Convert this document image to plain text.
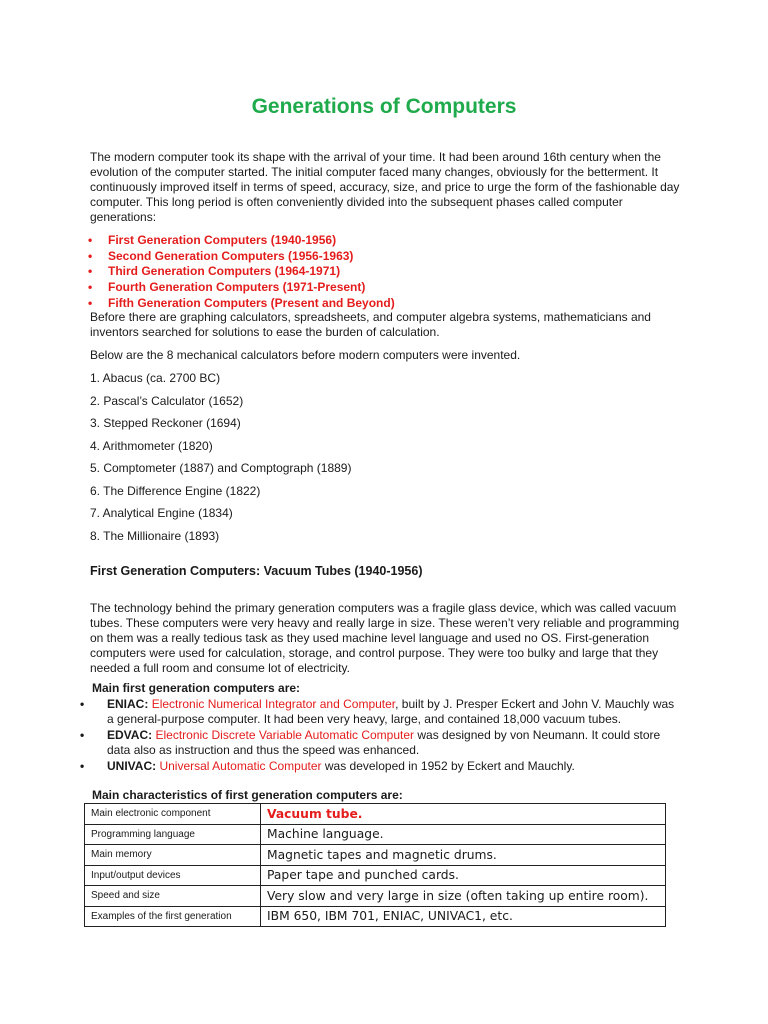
Generations of Computers

The modern computer took its shape with the arrival of your time. It had been around 16th century when the evolution of the computer started. The initial computer faced many changes, obviously for the betterment. It continuously improved itself in terms of speed, accuracy, size, and price to urge the form of the fashionable day computer. This long period is often conveniently divided into the subsequent phases called computer generations:

• First Generation Computers (1940-1956)
• Second Generation Computers (1956-1963)
• Third Generation Computers (1964-1971)
• Fourth Generation Computers (1971-Present)
• Fifth Generation Computers (Present and Beyond)

Before there are graphing calculators, spreadsheets, and computer algebra systems, mathematicians and inventors searched for solutions to ease the burden of calculation.

Below are the 8 mechanical calculators before modern computers were invented.

1. Abacus (ca. 2700 BC)
2. Pascal’s Calculator (1652)
3. Stepped Reckoner (1694)
4. Arithmometer (1820)
5. Comptometer (1887) and Comptograph (1889)
6. The Difference Engine (1822)
7. Analytical Engine (1834)
8. The Millionaire (1893)
First Generation Computers: Vacuum Tubes (1940-1956)

The technology behind the primary generation computers was a fragile glass device, which was called vacuum tubes. These computers were very heavy and really large in size. These weren’t very reliable and programming on them was a really tedious task as they used machine level language and used no OS. First-generation computers were used for calculation, storage, and control purpose. They were too bulky and large that they needed a full room and consume lot of electricity.

Main first generation computers are:
• ENIAC: Electronic Numerical Integrator and Computer, built by J. Presper Eckert and John V. Mauchly was a general-purpose computer. It had been very heavy, large, and contained 18,000 vacuum tubes.
• EDVAC: Electronic Discrete Variable Automatic Computer was designed by von Neumann. It could store data also as instruction and thus the speed was enhanced.
• UNIVAC: Universal Automatic Computer was developed in 1952 by Eckert and Mauchly.
Main characteristics of first generation computers are:
Main electronic component	Vacuum tube.
Programming language	Machine language.
Main memory	Magnetic tapes and magnetic drums.
Input/output devices	Paper tape and punched cards.
Speed and size	Very slow and very large in size (often taking up entire room).
Examples of the first generation	IBM 650, IBM 701, ENIAC, UNIVAC1, etc.
